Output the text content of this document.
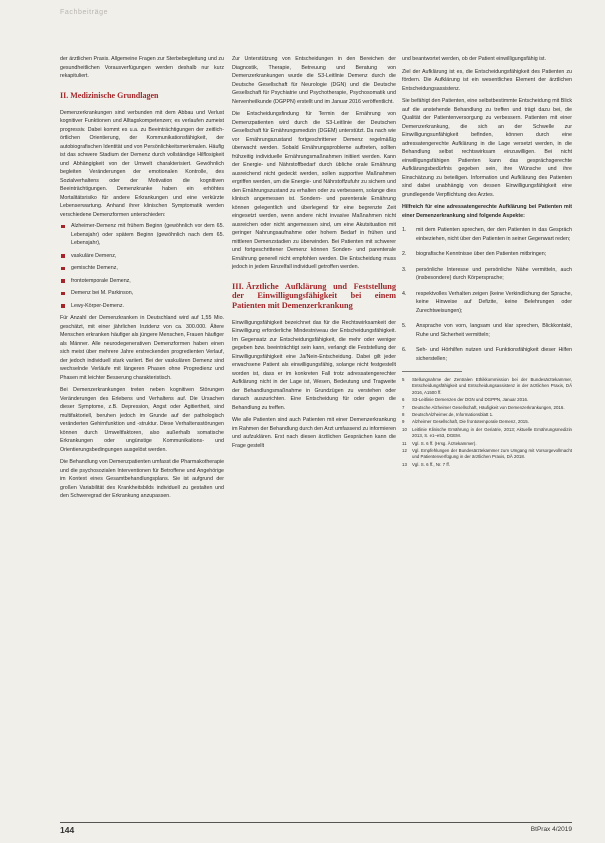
Fachbeiträge

der ärztlichen Praxis. Allgemeine Fragen zur Sterbebegleitung und zu gesundheitlichen Vorausverfügungen werden deshalb nur kurz rekapituliert.

II. Medizinische Grundlagen

Demenzerkrankungen sind verbunden mit dem Abbau und Verlust kognitiver Funktionen und Alltagskompetenzen; es verlaufen zumeist progressiv. Dabei kommt es u.a. zu Beeinträchtigungen der zeitlich-örtlichen Orientierung, der Kommunikationsfähigkeit, der autobiografischen Identität und von Persönlichkeitsmerkmalen. Häufig ist das schwere Stadium der Demenz durch vollständige Hilflosigkeit und Abhängigkeit von der Umwelt charakterisiert. Gewöhnlich begleiten Veränderungen der emotionalen Kontrolle, des Sozialverhaltens oder der Motivation die kognitiven Beeinträchtigungen. Demenzkranke haben ein erhöhtes Mortalitätsrisiko für andere Erkrankungen und eine verkürzte Lebenserwartung. Anhand ihrer klinischen Symptomatik werden verschiedene Demenzformen unterschieden:

Alzheimer-Demenz mit frühem Beginn (gewöhnlich vor dem 65. Lebensjahr) oder spätem Beginn (gewöhnlich nach dem 65. Lebensjahr),
vaskuläre Demenz,
gemischte Demenz,
frontotemporale Demenz,
Demenz bei M. Parkinson,
Lewy-Körper-Demenz.

Für Anzahl der Demenzkranken in Deutschland wird auf 1,55 Mio. geschätzt, mit einer jährlichen Inzidenz von ca. 300.000. Ältere Menschen erkranken häufiger als jüngere Menschen, Frauen häufiger als Männer. Alle neurodegenerativen Demenzformen haben einen sich meist über mehrere Jahre erstreckenden progredienten Verlauf, der jedoch individuell stark variiert. Bei der vaskulären Demenz sind wechselnde Verläufe mit längeren Phasen ohne Progredienz und Phasen mit leichter Besserung charakteristisch.

Bei Demenzerkrankungen treten neben kognitiven Störungen Veränderungen des Erlebens und Verhaltens auf. Die Ursachen dieser Symptome, z.B. Depression, Angst oder Agitiertheit, sind multifaktoriell, beruhen jedoch im Grunde auf der pathologisch veränderten Gehirnfunktion und -struktur. Diese Verhaltensstörungen können durch Umweltfaktoren, also außerhalb somatische Erkrankungen oder ungünstige Kommunikations- und Orientierungsbedingungen ausgelöst werden.

Die Behandlung von Demenzpatienten umfasst die Pharmakotherapie und die psychosozialen Interventionen für Betroffene und Angehörige im Kontext eines Gesamtbehandlungsplans. Sie ist aufgrund der großen Variabilität des Krankheitsbilds individuell zu gestalten und den Schweregrad der Erkrankung anzupassen.

Zur Unterstützung von Entscheidungen in den Bereichen der Diagnostik, Therapie, Betreuung und Beratung von Demenzerkrankungen wurde die S3-Leitlinie Demenz durch die Deutsche Gesellschaft für Neurologie (DGN) und die Deutsche Gesellschaft für Psychiatrie und Psychotherapie, Psychosomatik und Nervenheilkunde (DGPPN) erstellt und im Januar 2016 veröffentlicht.

Die Entscheidungsfindung für Termin der Ernährung von Demenzpatienten wird durch die S3-Leitlinie der Deutschen Gesellschaft für Ernährungsmedizin (DGEM) unterstützt. Da nach wie vor Ernährungszustand fortgeschrittener Demenz regelmäßig überwacht werden. Sobald Ernährungsprobleme auftreten, sollten frühzeitig individuelle Ernährungsmaßnahmen initiiert werden. Kann der Energie- und Nährstoffbedarf durch übliche orale Ernährung ausreichend nicht gedeckt werden, sollen supportive Maßnahmen ergriffen werden, um die Energie- und Nährstoffzufuhr zu sichern und den Ernährungszustand zu erhalten oder zu verbessern, solange dies klinisch angemessen ist. Sondern- und parenterale Ernährung können gelegentlich und überlegend für eine begrenzte Zeit eingesetzt werden, wenn andere nicht invasive Maßnahmen nicht ausreichen oder nicht angemessen sind, um eine Akutsituation mit geringer Nahrungsaufnahme oder hohem Bedarf in frühen und mittleren Demenzstadien zu überwinden. Bei Patienten mit schwerer und fortgeschrittener Demenz können Sonden- und parenterale Ernährung generell nicht empfohlen werden. Die Entscheidung muss jedoch in jedem Einzelfall individuell getroffen werden.

III. Ärztliche Aufklärung und Feststellung der Einwilligungsfähigkeit bei einem Patienten mit Demenzerkrankung

Einwilligungsfähigkeit bezeichnet das für die Rechtswirksamkeit der Einwilligung erforderliche Mindestniveau der Entscheidungsfähigkeit. Im Gegensatz zur Entscheidungsfähigkeit, die mehr oder weniger gegeben bzw. beeinträchtigt sein kann, verlangt die Feststellung der Einwilligungsfähigkeit eine Ja/Nein-Entscheidung. Dabei gilt jeder erwachsene Patient als einwilligungsfähig, solange nicht festgestellt worden ist, dass er im konkreten Fall trotz adressatengerechter Aufklärung nicht in der Lage ist, Wesen, Bedeutung und Tragweite der Behandlungsmaßnahme in Grundzügen zu verstehen oder danach auszurichten. Eine Entscheidung für oder gegen die Behandlung zu treffen.

Wie alle Patienten sind auch Patienten mit einer Demenzerkrankung im Rahmen der Behandlung durch den Arzt umfassend zu informieren und aufzuklären. Erst nach diesen ärztlichen Gesprächen kann die Frage gestellt

und beantwortet werden, ob der Patient einwilligungsfähig ist.

Ziel der Aufklärung ist es, die Entscheidungsfähigkeit des Patienten zu fördern. Die Aufklärung ist ein wesentliches Element der ärztlichen Entscheidungsassistenz.

Sie befähigt den Patienten, eine selbstbestimmte Entscheidung mit Blick auf die anstehende Behandlung zu treffen und trägt dazu bei, die Qualität der Patientenversorgung zu verbessern. Patienten mit einer Demenzerkrankung, die sich an der Schwelle zur Einwilligungsunfähigkeit befinden, können durch eine adressatengerechte Aufklärung in die Lage versetzt werden, in die Behandlung selbst rechtswirksam einzuwilligen. Bei nicht einwilligungsfähigen Patienten kann das gesprächsgerechte Aufklärungsbedürfnis gegeben sein, ihre Wünsche und ihre Einschätzung zu beteiligen. Information und Aufklärung des Patienten sind dabei unabhängig von dessen Einwilligungsfähigkeit eine grundlegende Verpflichtung des Arztes.

Hilfreich für eine adressatengerechte Aufklärung bei Patienten mit einer Demenzerkrankung sind folgende Aspekte:

1. mit dem Patienten sprechen, der den Patienten in das Gespräch einbeziehen, nicht über den Patienten in seiner Gegenwart reden;
2. biografische Kenntnisse über den Patienten mitbringen;
3. persönliche Interesse und persönliche Nähe vermitteln, auch (insbesondere) durch Körpersprache;
4. respektvolles Verhalten zeigen (keine Verkindlichung der Sprache, keine Hinweise auf Defizite, keine Belehrungen oder Zurechtweisungen);
5. Ansprache von vorn, langsam und klar sprechen, Blickkontakt, Ruhe und Sicherheit vermitteln;
6. Seh- und Hörhilfen nutzen und Funktionsfähigkeit dieser Hilfen sicherstellen;
5 Stellungnahme der Zentralen Ethikkommission bei der Bundesärztekammer, Entscheidungsfähigkeit und Entscheidungsassistenz in der ärztlichen Praxis, DÄ 2016, A1500 ff.
6 S3-Leitlinie Demenzen der DGN und DGPPN, Januar 2016.
7 Deutsche Alzheimer Gesellschaft, Häufigkeit von Demenzerkrankungen, 2016.
8 DeutschAlzheimer.de, Informationsblatt 1.
9 Alzheimer Gesellschaft, Die frontotemporale Demenz, 2015.
10 Leitlinie Klinische Ernährung in der Geriatrie, 2013; Aktuelle Ernährungsmedizin 2013, S. e1–e53, DGEM.
11 Vgl. S. 6 ff. (Hrsg. Ärztekammer).
12 Vgl. Empfehlungen der Bundesärztekammer zum Umgang mit Vorsorgevollmacht und Patientenverfügung in der ärztlichen Praxis, DÄ 2018.
13 Vgl. S. 6 ff., Nr. 7 ff.
144	BtPrax 4/2019
